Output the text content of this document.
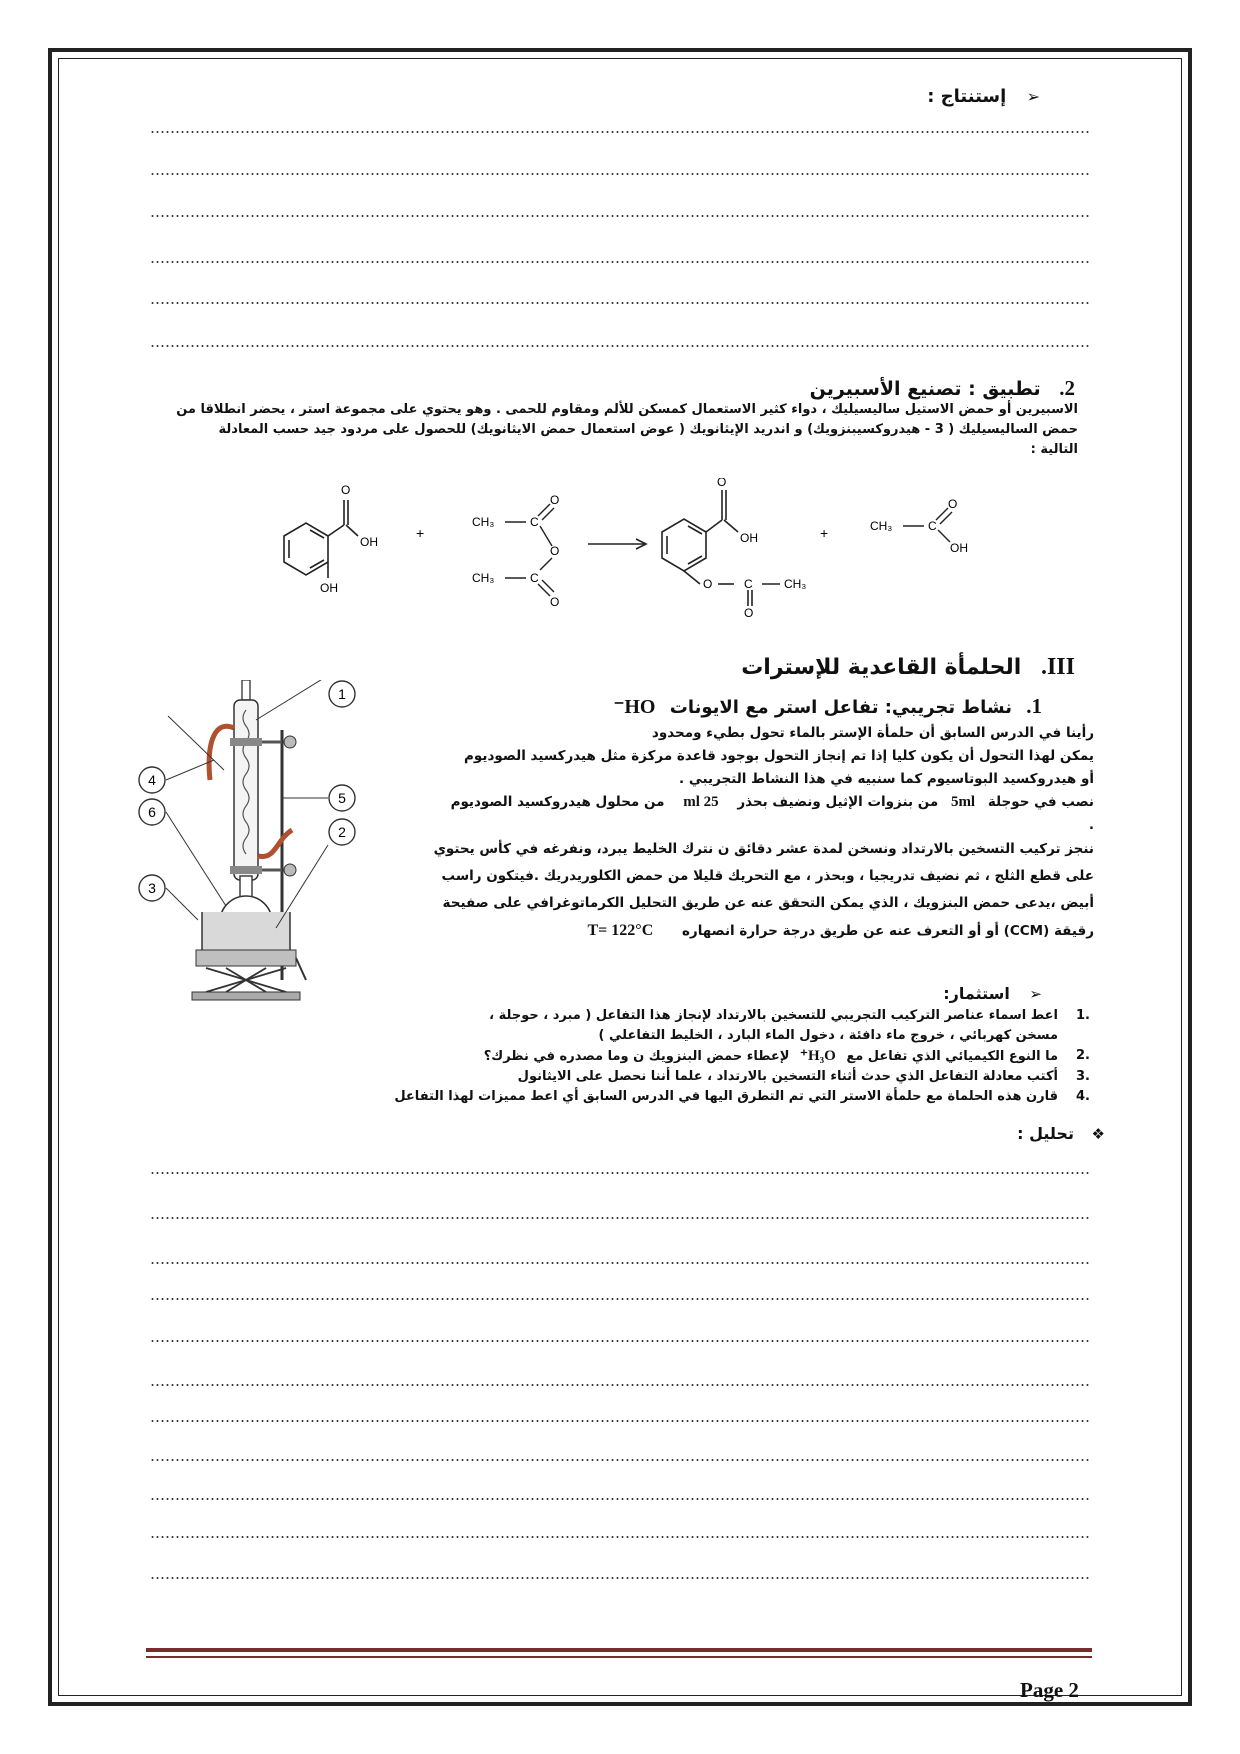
➢ إستنتاج :
2. تطبيق : تصنيع الأسبيرين
الاسبيرين أو حمض الاستيل ساليسيليك ، دواء كثير الاستعمال كمسكن للألم ومقاوم للحمى . وهو يحتوي على مجموعة استر ، يحضر انطلاقا من
حمض الساليسيليك ( 3 - هيدروكسيبنزويك) و اندريد الإيثانويك ( عوض استعمال حمض الايثانويك) للحصول على مردود جيد حسب المعادلة
التالية :
O
OH
OH
+
CH₃
CH₃
C
C
O
O
O
O
OH
O	C
O
CH₃
+	CH₃	C
O
OH
III. الحلمأة القاعدية للإسترات
1. نشاط تجريبي: تفاعل استر مع الايونات HO⁻
رأينا في الدرس السابق أن حلمأة الإستر بالماء تحول بطيء ومحدود
يمكن لهذا التحول أن يكون كليا إذا تم إنجاز التحول بوجود قاعدة مركزة مثل هيدركسيد الصوديوم
أو هيدروكسيد البوتاسيوم كما سنبيه في هذا النشاط التجريبي .
نصب في حوجلة 5ml من بنزوات الإثيل ونضيف بحذر 25 ml من محلول هيدروكسيد الصوديوم
.
ننجز تركيب التسخين بالارتداد ونسخن لمدة عشر دقائق ن نترك الخليط يبرد، ونفرغه في كأس يحتوي
على قطع الثلج ، ثم نضيف تدريجيا ، وبحذر ، مع التحريك قليلا من حمض الكلوريدريك .فيتكون راسب
أبيض ،يدعى حمض البنزويك ، الذي يمكن التحقق عنه عن طريق التحليل الكرماتوغرافي على صفيحة
رقيقة (CCM) أو أو التعرف عنه عن طريق درجة حرارة انصهاره T= 122°C
1
5
2
4
6
3
➢ استثمار:
.1
اعط اسماء عناصر التركيب التجريبي للتسخين بالارتداد لإنجاز هذا التفاعل ( مبرد ، حوجلة ،
مسخن كهربائي ، خروج ماء دافئة ، دخول الماء البارد ، الخليط التفاعلي )
.2
ما النوع الكيميائي الذي تفاعل مع H₃O⁺ لإعطاء حمض البنزويك ن وما مصدره في نظرك؟
.3
أكتب معادلة التفاعل الذي حدث أثناء التسخين بالارتداد ، علما أننا نحصل على الايثانول
.4
قارن هذه الحلماة مع حلمأة الاستر التي تم التطرق اليها في الدرس السابق أي اعط مميزات لهذا التفاعل
❖ تحليل :
Page 2
